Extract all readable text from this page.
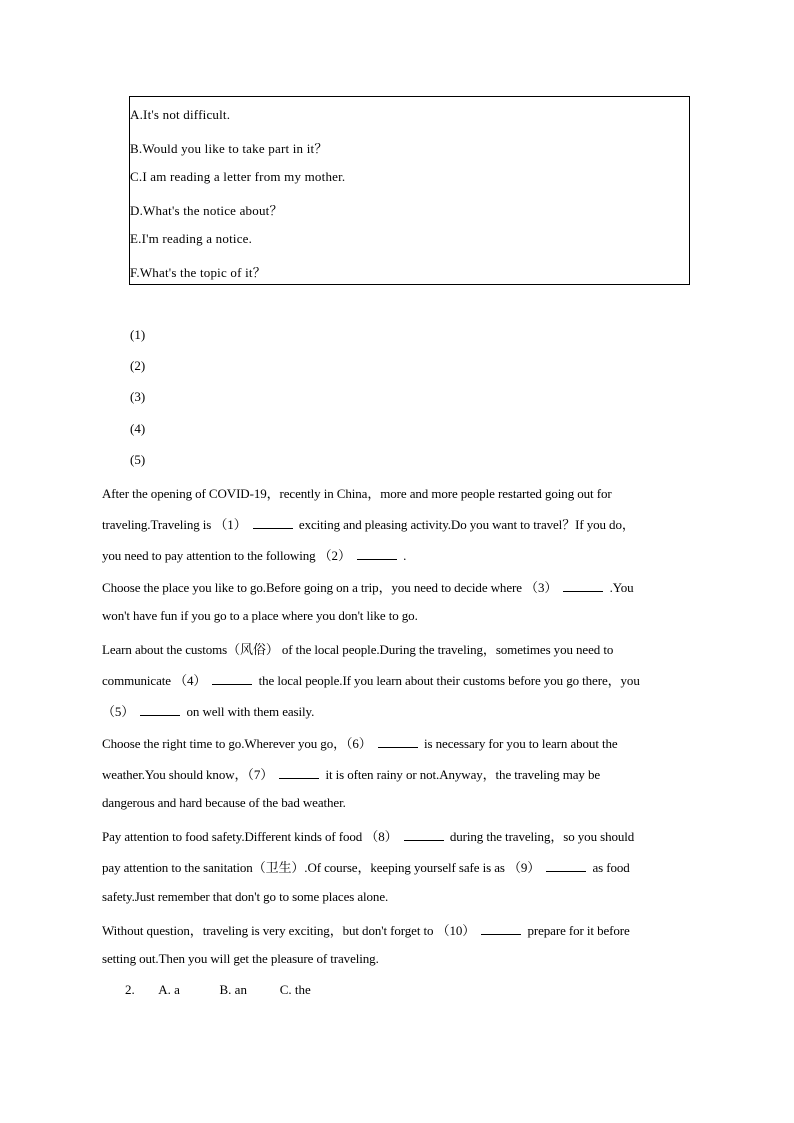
A.It's not difficult.
B.Would you like to take part in it？
C.I am reading a letter from my mother.
D.What's the notice about？
E.I'm reading a notice.
F.What's the topic of it？
(1)
(2)
(3)
(4)
(5)
After the opening of COVID-19，recently in China，more and more people restarted going out for
traveling.Traveling is （1）	exciting and pleasing activity.Do you want to travel？If you do，
you need to pay attention to the following （2）	.
Choose the place you like to go.Before going on a trip，you need to decide where （3）	.You
won't have fun if you go to a place where you don't like to go.
Learn about the customs（风俗） of the local people.During the traveling，sometimes you need to
communicate （4）	the local people.If you learn about their customs before you go there，you
（5）	on well with them easily.
Choose the right time to go.Wherever you go，（6）	is necessary for you to learn about the
weather.You should know，（7）	it is often rainy or not.Anyway，the traveling may be
dangerous and hard because of the bad weather.
Pay attention to food safety.Different kinds of food （8）	during the traveling，so you should
pay attention to the sanitation（卫生）.Of course，keeping yourself safe is as （9）	as food
safety.Just remember that don't go to some places alone.
Without question，traveling is very exciting，but don't forget to （10）	prepare for it before
setting out.Then you will get the pleasure of traveling.
2. A. a	B. an	C. the
